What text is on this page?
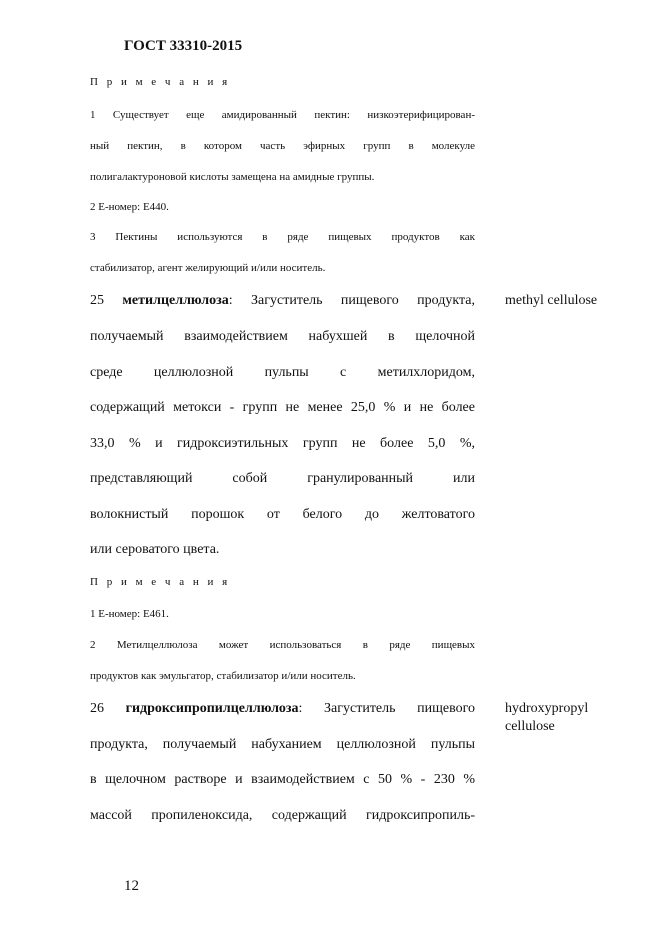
ГОСТ 33310-2015
П р и м е ч а н и я
1 Существует еще амидированный пектин: низкоэтерифицирован-
ный пектин, в котором часть эфирных групп в молекуле
полигалактуроновой кислоты замещена на амидные группы.
2 Е-номер: Е440.
3 Пектины используются в ряде пищевых продуктов как
стабилизатор, агент желирующий и/или носитель.
25 метилцеллюлоза: Загуститель пищевого продукта,
получаемый взаимодействием набухшей в щелочной
среде целлюлозной пульпы с метилхлоридом,
содержащий метокси - групп не менее 25,0 % и не более
33,0 % и гидроксиэтильных групп не более 5,0 %,
представляющий собой гранулированный или
волокнистый порошок от белого до желтоватого
или сероватого цвета.
methyl cellulose
П р и м е ч а н и я
1 Е-номер: Е461.
2 Метилцеллюлоза может использоваться в ряде пищевых
продуктов как эмульгатор, стабилизатор и/или носитель.
26 гидроксипропилцеллюлоза: Загуститель пищевого
продукта, получаемый набуханием целлюлозной пульпы
в щелочном растворе и взаимодействием с 50 % - 230 %
массой пропиленоксида, содержащий гидроксипропиль-
hydroxypropyl
cellulose
12
